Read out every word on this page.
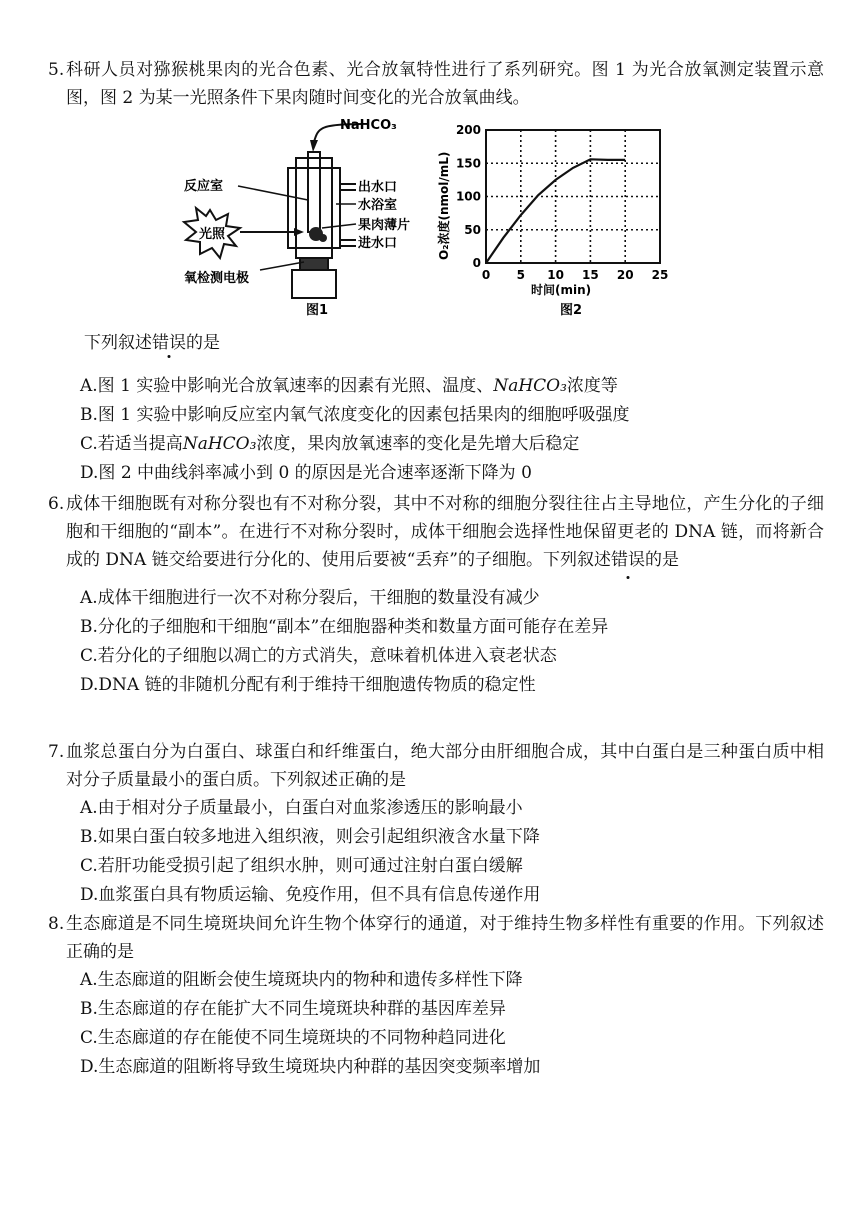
5. 科研人员对猕猴桃果肉的光合色素、光合放氧特性进行了系列研究。图 1 为光合放氧测定装置示意图，图 2 为某一光照条件下果肉随时间变化的光合放氧曲线。
NaHCO₃
出水口
水浴室
果肉薄片
进水口
反应室
光照
氧检测电极
图1
0 5 10 15 20 25
0
50
100
150
200
时间(min)
O₂浓度(nmol/mL)
图2
下列叙述错误的是
A.图 1 实验中影响光合放氧速率的因素有光照、温度、NaHCO₃浓度等
B.图 1 实验中影响反应室内氧气浓度变化的因素包括果肉的细胞呼吸强度
C.若适当提高NaHCO₃浓度，果肉放氧速率的变化是先增大后稳定
D.图 2 中曲线斜率减小到 0 的原因是光合速率逐渐下降为 0
6. 成体干细胞既有对称分裂也有不对称分裂，其中不对称的细胞分裂往往占主导地位，产生分化的子细胞和干细胞的“副本”。在进行不对称分裂时，成体干细胞会选择性地保留更老的 DNA 链，而将新合成的 DNA 链交给要进行分化的、使用后要被“丢弃”的子细胞。下列叙述错误的是
A.成体干细胞进行一次不对称分裂后，干细胞的数量没有减少
B.分化的子细胞和干细胞“副本”在细胞器种类和数量方面可能存在差异
C.若分化的子细胞以凋亡的方式消失，意味着机体进入衰老状态
D.DNA 链的非随机分配有利于维持干细胞遗传物质的稳定性
7. 血浆总蛋白分为白蛋白、球蛋白和纤维蛋白，绝大部分由肝细胞合成，其中白蛋白是三种蛋白质中相对分子质量最小的蛋白质。下列叙述正确的是
A.由于相对分子质量最小，白蛋白对血浆渗透压的影响最小
B.如果白蛋白较多地进入组织液，则会引起组织液含水量下降
C.若肝功能受损引起了组织水肿，则可通过注射白蛋白缓解
D.血浆蛋白具有物质运输、免疫作用，但不具有信息传递作用
8. 生态廊道是不同生境斑块间允许生物个体穿行的通道，对于维持生物多样性有重要的作用。下列叙述正确的是
A.生态廊道的阻断会使生境斑块内的物种和遗传多样性下降
B.生态廊道的存在能扩大不同生境斑块种群的基因库差异
C.生态廊道的存在能使不同生境斑块的不同物种趋同进化
D.生态廊道的阻断将导致生境斑块内种群的基因突变频率增加
